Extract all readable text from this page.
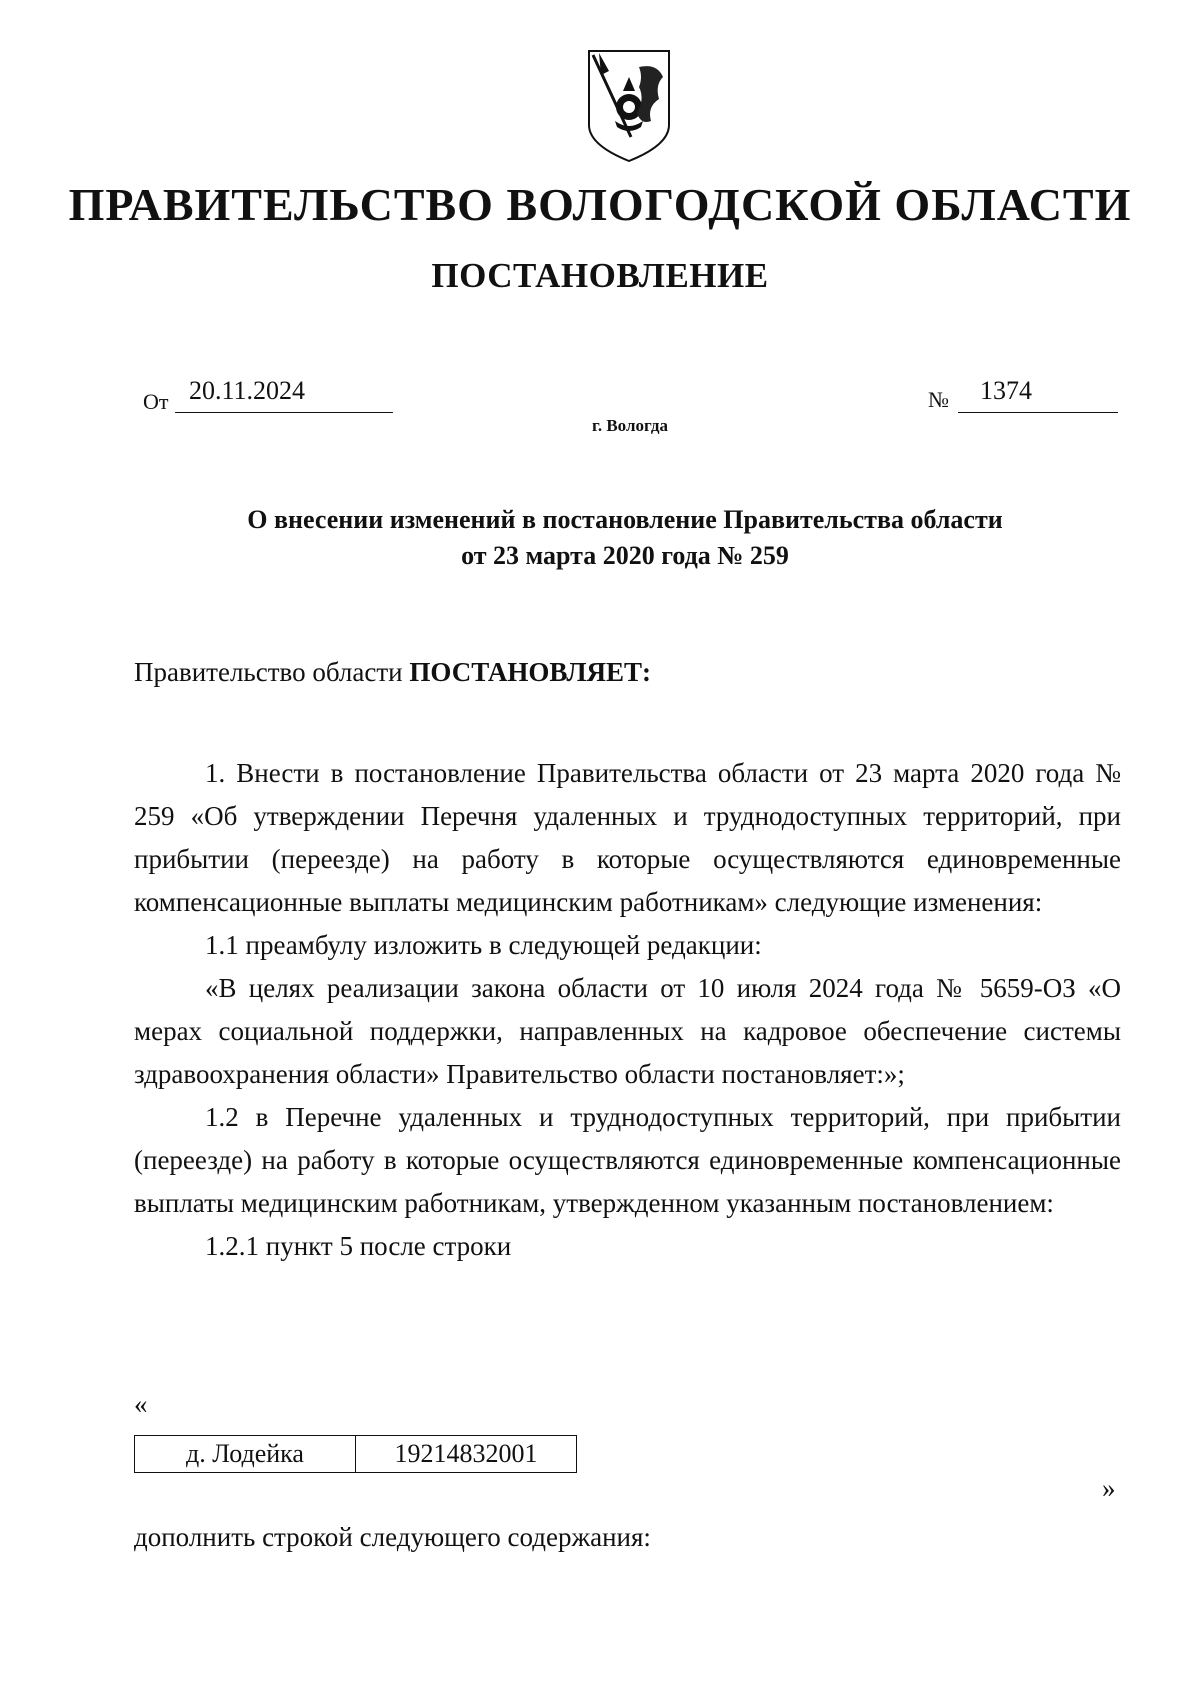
ПРАВИТЕЛЬСТВО ВОЛОГОДСКОЙ ОБЛАСТИ
ПОСТАНОВЛЕНИЕ
От 20.11.2024	№ 1374
г. Вологда
О внесении изменений в постановление Правительства области
от 23 марта 2020 года № 259
Правительство области ПОСТАНОВЛЯЕТ:
1. Внести в постановление Правительства области от 23 марта 2020 года № 259 «Об утверждении Перечня удаленных и труднодоступных территорий, при прибытии (переезде) на работу в которые осуществляются единовременные компенсационные выплаты медицинским работникам» следующие изменения:
1.1 преамбулу изложить в следующей редакции:
«В целях реализации закона области от 10 июля 2024 года № 5659-ОЗ «О мерах социальной поддержки, направленных на кадровое обеспечение системы здравоохранения области» Правительство области постановляет:»;
1.2 в Перечне удаленных и труднодоступных территорий, при прибытии (переезде) на работу в которые осуществляются единовременные компенсационные выплаты медицинским работникам, утвержденном указанным постановлением:
1.2.1 пункт 5 после строки
«
д. Лодейка	19214832001
»
дополнить строкой следующего содержания:
